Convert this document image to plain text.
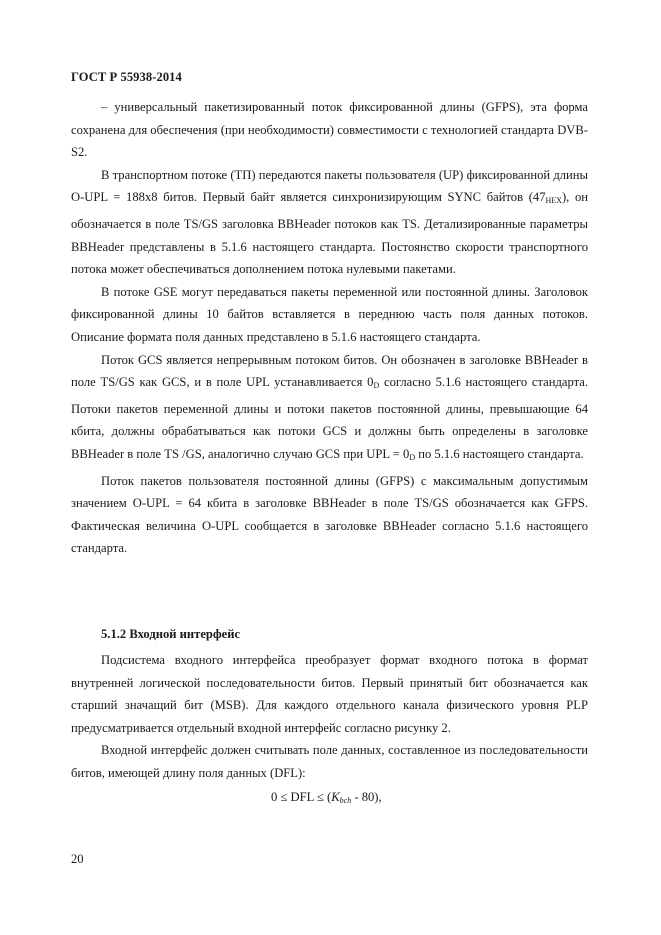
ГОСТ Р 55938-2014

– универсальный пакетизированный поток фиксированной длины (GFPS), эта форма сохранена для обеспечения (при необходимости) совместимости с технологией стандарта DVB-S2.

В транспортном потоке (ТП) передаются пакеты пользователя (UP) фиксированной длины O-UPL = 188х8 битов. Первый байт является синхронизирующим SYNC байтов $(47_{HEX})$, он обозначается в поле TS/GS заголовка BBHeader потоков как TS. Детализированные параметры BBHeader представлены в 5.1.6 настоящего стандарта. Постоянство скорости транспортного потока может обеспечиваться дополнением потока нулевыми пакетами.

В потоке GSE могут передаваться пакеты переменной или постоянной длины. Заголовок фиксированной длины 10 байтов вставляется в переднюю часть поля данных потоков. Описание формата поля данных представлено в 5.1.6 настоящего стандарта.

Поток GCS является непрерывным потоком битов. Он обозначен в заголовке BBHeader в поле TS/GS как GCS, и в поле UPL устанавливается $0_D$ согласно 5.1.6 настоящего стандарта. Потоки пакетов переменной длины и потоки пакетов постоянной длины, превышающие 64 кбита, должны обрабатываться как потоки GCS и должны быть определены в заголовке BBHeader в поле TS /GS, аналогично случаю GCS при UPL = $0_D$ по 5.1.6 настоящего стандарта.

Поток пакетов пользователя постоянной длины (GFPS) с максимальным допустимым значением O-UPL = 64 кбита в заголовке BBHeader в поле TS/GS обозначается как GFPS. Фактическая величина O-UPL сообщается в заголовке BBHeader согласно 5.1.6 настоящего стандарта.

5.1.2 Входной интерфейс

Подсистема входного интерфейса преобразует формат входного потока в формат внутренней логической последовательности битов. Первый принятый бит обозначается как старший значащий бит (MSB). Для каждого отдельного канала физического уровня PLP предусматривается отдельный входной интерфейс согласно рисунку 2.

Входной интерфейс должен считывать поле данных, составленное из последовательности битов, имеющей длину поля данных (DFL):

0 ≤ DFL ≤ $(K_{bch} - 80)$,
20
